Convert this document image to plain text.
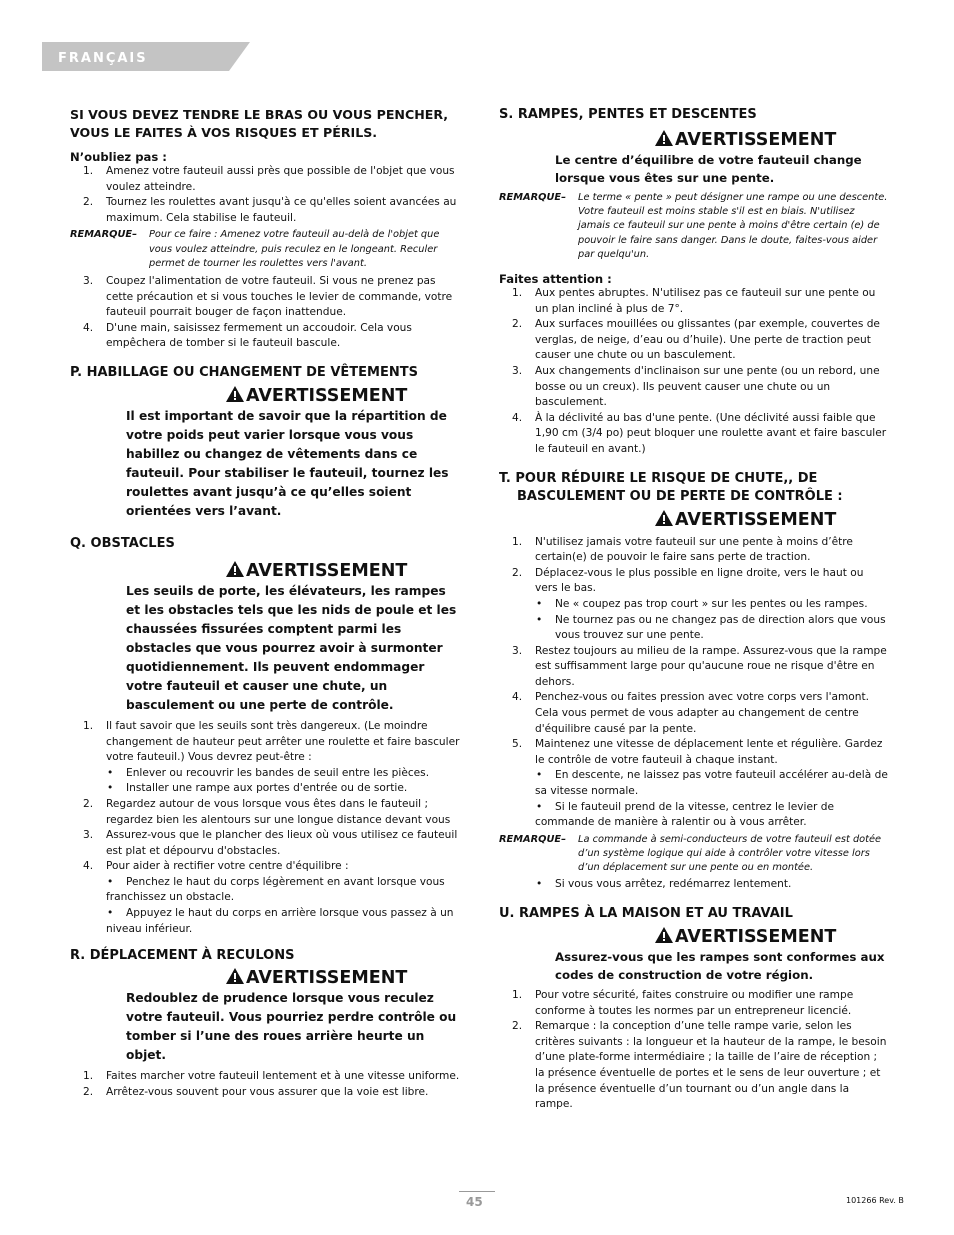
FRANÇAIS
SI VOUS DEVEZ TENDRE LE BRAS OU VOUS PENCHER,
VOUS LE FAITES À VOS RISQUES ET PÉRILS.
N’oubliez pas :
1. Amenez votre fauteuil aussi près que possible de l'objet que vous voulez atteindre.
2. Tournez les roulettes avant jusqu'à ce qu'elles soient avancées au maximum. Cela stabilise le fauteuil.
REMARQUE– Pour ce faire : Amenez votre fauteuil au-delà de l'objet que vous voulez atteindre, puis reculez en le longeant. Reculer permet de tourner les roulettes vers l'avant.
3. Coupez l'alimentation de votre fauteuil. Si vous ne prenez pas cette précaution et si vous touches le levier de commande, votre fauteuil pourrait bouger de façon inattendue.
4. D'une main, saisissez fermement un accoudoir. Cela vous empêchera de tomber si le fauteuil bascule.
P. HABILLAGE OU CHANGEMENT DE VÊTEMENTS
AVERTISSEMENT
Il est important de savoir que la répartition de votre poids peut varier lorsque vous vous habillez ou changez de vêtements dans ce fauteuil. Pour stabiliser le fauteuil, tournez les roulettes avant jusqu’à ce qu’elles soient orientées vers l’avant.
Q. OBSTACLES
AVERTISSEMENT
Les seuils de porte, les élévateurs, les rampes et les obstacles tels que les nids de poule et les chaussées fissurées comptent parmi les obstacles que vous pourrez avoir à surmonter quotidiennement. Ils peuvent endommager votre fauteuil et causer une chute, un basculement ou une perte de contrôle.
1. Il faut savoir que les seuils sont très dangereux. (Le moindre changement de hauteur peut arrêter une roulette et faire basculer votre fauteuil.) Vous devrez peut-être :
• Enlever ou recouvrir les bandes de seuil entre les pièces.
• Installer une rampe aux portes d'entrée ou de sortie.
2. Regardez autour de vous lorsque vous êtes dans le fauteuil ; regardez bien les alentours sur une longue distance devant vous
3. Assurez-vous que le plancher des lieux où vous utilisez ce fauteuil est plat et dépourvu d'obstacles.
4. Pour aider à rectifier votre centre d'équilibre :
• Penchez le haut du corps légèrement en avant lorsque vous franchissez un obstacle.
• Appuyez le haut du corps en arrière lorsque vous passez à un niveau inférieur.
R. DÉPLACEMENT À RECULONS
AVERTISSEMENT
Redoublez de prudence lorsque vous reculez votre fauteuil. Vous pourriez perdre contrôle ou tomber si l’une des roues arrière heurte un objet.
1. Faites marcher votre fauteuil lentement et à une vitesse uniforme.
2. Arrêtez-vous souvent pour vous assurer que la voie est libre.
S. RAMPES, PENTES ET DESCENTES
AVERTISSEMENT
Le centre d’équilibre de votre fauteuil change lorsque vous êtes sur une pente.
REMARQUE– Le terme « pente » peut désigner une rampe ou une descente. Votre fauteuil est moins stable s'il est en biais. N'utilisez jamais ce fauteuil sur une pente à moins d'être certain (e) de pouvoir le faire sans danger. Dans le doute, faites-vous aider par quelqu'un.
Faites attention :
1. Aux pentes abruptes. N'utilisez pas ce fauteuil sur une pente ou un plan incliné à plus de 7°.
2. Aux surfaces mouillées ou glissantes (par exemple, couvertes de verglas, de neige, d’eau ou d’huile). Une perte de traction peut causer une chute ou un basculement.
3. Aux changements d'inclinaison sur une pente (ou un rebord, une bosse ou un creux). Ils peuvent causer une chute ou un basculement.
4. À la déclivité au bas d'une pente. (Une déclivité aussi faible que 1,90 cm (3/4 po) peut bloquer une roulette avant et faire basculer le fauteuil en avant.)
T. POUR RÉDUIRE LE RISQUE DE CHUTE,, DE BASCULEMENT OU DE PERTE DE CONTRÔLE :
AVERTISSEMENT
1. N'utilisez jamais votre fauteuil sur une pente à moins d’être certain(e) de pouvoir le faire sans perte de traction.
2. Déplacez-vous le plus possible en ligne droite, vers le haut ou vers le bas.
• Ne « coupez pas trop court » sur les pentes ou les rampes.
• Ne tournez pas ou ne changez pas de direction alors que vous vous trouvez sur une pente.
3. Restez toujours au milieu de la rampe. Assurez-vous que la rampe est suffisamment large pour qu'aucune roue ne risque d'être en dehors.
4. Penchez-vous ou faites pression avec votre corps vers l'amont. Cela vous permet de vous adapter au changement de centre d'équilibre causé par la pente.
5. Maintenez une vitesse de déplacement lente et régulière. Gardez le contrôle de votre fauteuil à chaque instant.
• En descente, ne laissez pas votre fauteuil accélérer au-delà de sa vitesse normale.
• Si le fauteuil prend de la vitesse, centrez le levier de commande de manière à ralentir ou à vous arrêter.
REMARQUE– La commande à semi-conducteurs de votre fauteuil est dotée d’un système logique qui aide à contrôler votre vitesse lors d’un déplacement sur une pente ou en montée.
• Si vous vous arrêtez, redémarrez lentement.
U. RAMPES À LA MAISON ET AU TRAVAIL
AVERTISSEMENT
Assurez-vous que les rampes sont conformes aux codes de construction de votre région.
1. Pour votre sécurité, faites construire ou modifier une rampe conforme à toutes les normes par un entrepreneur licencié.
2. Remarque : la conception d’une telle rampe varie, selon les critères suivants : la longueur et la hauteur de la rampe, le besoin d’une plate-forme intermédiaire ; la taille de l’aire de réception ; la présence éventuelle de portes et le sens de leur ouverture ; et la présence éventuelle d’un tournant ou d’un angle dans la rampe.
45	101266 Rev. B
